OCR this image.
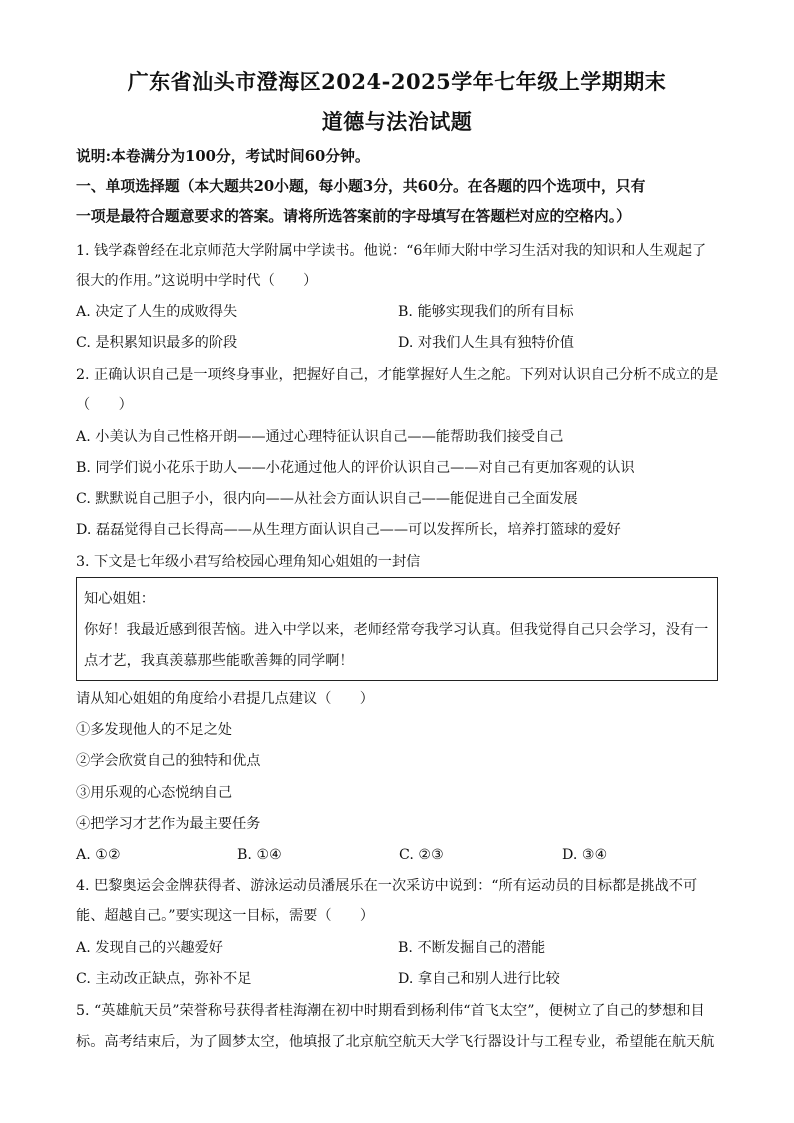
广东省汕头市澄海区2024-2025学年七年级上学期期末
道德与法治试题
说明:本卷满分为100分，考试时间60分钟。
一、单项选择题（本大题共20小题，每小题3分，共60分。在各题的四个选项中，只有
一项是最符合题意要求的答案。请将所选答案前的字母填写在答题栏对应的空格内。）
1. 钱学森曾经在北京师范大学附属中学读书。他说：“6年师大附中学习生活对我的知识和人生观起了
很大的作用。”这说明中学时代（　　）
A. 决定了人生的成败得失	B. 能够实现我们的所有目标
C. 是积累知识最多的阶段	D. 对我们人生具有独特价值
2. 正确认识自己是一项终身事业，把握好自己，才能掌握好人生之舵。下列对认识自己分析不成立的是
（　　）
A. 小美认为自己性格开朗——通过心理特征认识自己——能帮助我们接受自己
B. 同学们说小花乐于助人——小花通过他人的评价认识自己——对自己有更加客观的认识
C. 默默说自己胆子小，很内向——从社会方面认识自己——能促进自己全面发展
D. 磊磊觉得自己长得高——从生理方面认识自己——可以发挥所长，培养打篮球的爱好
3. 下文是七年级小君写给校园心理角知心姐姐的一封信
知心姐姐：
你好！我最近感到很苦恼。进入中学以来，老师经常夸我学习认真。但我觉得自己只会学习，没有一
点才艺，我真羡慕那些能歌善舞的同学啊！
请从知心姐姐的角度给小君提几点建议（　　）
①多发现他人的不足之处
②学会欣赏自己的独特和优点
③用乐观的心态悦纳自己
④把学习才艺作为最主要任务
A. ①②	B. ①④	C. ②③	D. ③④
4. 巴黎奥运会金牌获得者、游泳运动员潘展乐在一次采访中说到：“所有运动员的目标都是挑战不可
能、超越自己。”要实现这一目标，需要（　　）
A. 发现自己的兴趣爱好	B. 不断发掘自己的潜能
C. 主动改正缺点，弥补不足	D. 拿自己和别人进行比较
5. “英雄航天员”荣誉称号获得者桂海潮在初中时期看到杨利伟“首飞太空”，便树立了自己的梦想和目
标。高考结束后，为了圆梦太空，他填报了北京航空航天大学飞行器设计与工程专业，希望能在航天航
